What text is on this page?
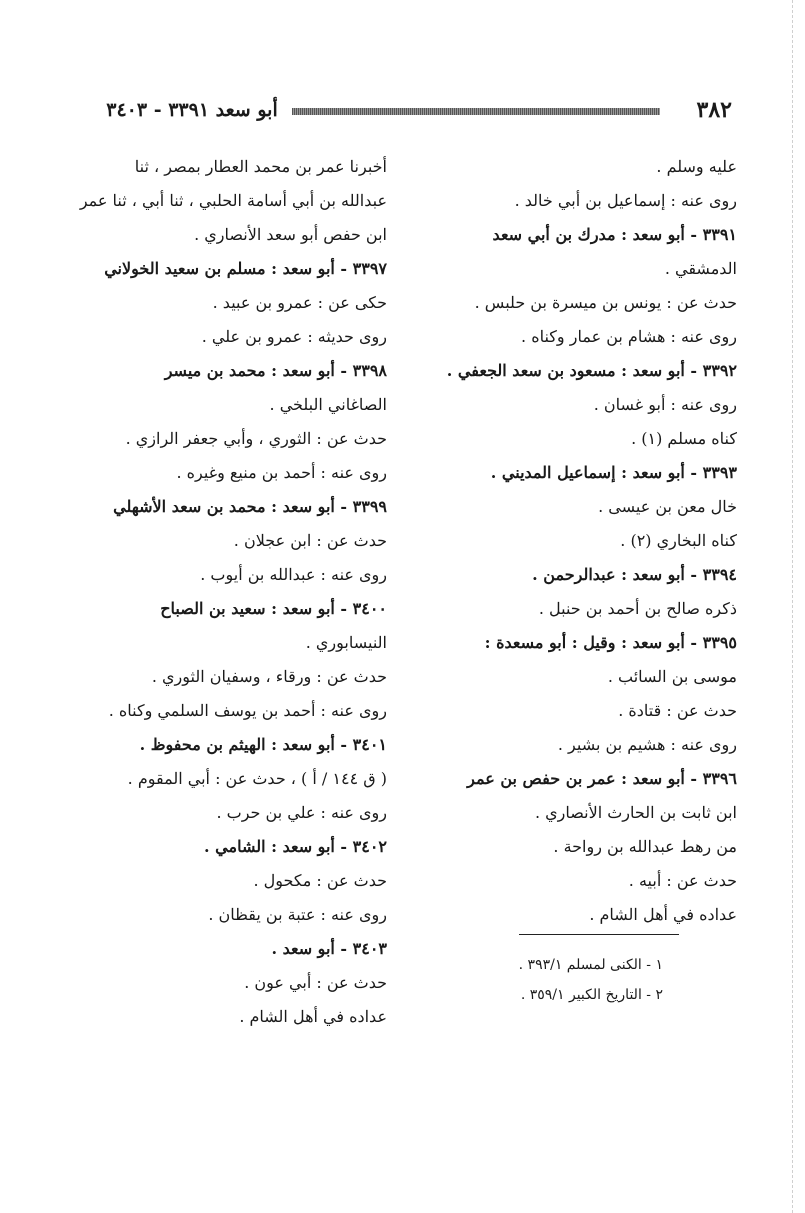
٣٨٢
أبو سعد ٣٣٩١ - ٣٤٠٣
عليه وسلم .
روى عنه : إسماعيل بن أبي خالد .
٣٣٩١ - أبو سعد : مدرك بن أبي سعد
الدمشقي .
حدث عن : يونس بن ميسرة بن حلبس .
روى عنه : هشام بن عمار وكناه .
٣٣٩٢ - أبو سعد : مسعود بن سعد الجعفي .
روى عنه : أبو غسان .
كناه مسلم (١) .
٣٣٩٣ - أبو سعد : إسماعيل المديني .
خال معن بن عيسى .
كناه البخاري (٢) .
٣٣٩٤ - أبو سعد : عبدالرحمن .
ذكره صالح بن أحمد بن حنبل .
٣٣٩٥ - أبو سعد : وقيل : أبو مسعدة :
موسى بن السائب .
حدث عن : قتادة .
روى عنه : هشيم بن بشير .
٣٣٩٦ - أبو سعد : عمر بن حفص بن عمر
ابن ثابت بن الحارث الأنصاري .
من رهط عبدالله بن رواحة .
حدث عن : أبيه .
عداده في أهل الشام .
أخبرنا عمر بن محمد العطار بمصر ، ثنا
عبدالله بن أبي أسامة الحلبي ، ثنا أبي ، ثنا عمر
ابن حفص أبو سعد الأنصاري .
٣٣٩٧ - أبو سعد : مسلم بن سعيد الخولاني
حكى عن : عمرو بن عبيد .
روى حديثه : عمرو بن علي .
٣٣٩٨ - أبو سعد : محمد بن ميسر
الصاغاني البلخي .
حدث عن : الثوري ، وأبي جعفر الرازي .
روى عنه : أحمد بن منيع وغيره .
٣٣٩٩ - أبو سعد : محمد بن سعد الأشهلي
حدث عن : ابن عجلان .
روى عنه : عبدالله بن أيوب .
٣٤٠٠ - أبو سعد : سعيد بن الصباح
النيسابوري .
حدث عن : ورقاء ، وسفيان الثوري .
روى عنه : أحمد بن يوسف السلمي وكناه .
٣٤٠١ - أبو سعد : الهيثم بن محفوظ .
( ق ١٤٤ / أ ) ، حدث عن : أبي المقوم .
روى عنه : علي بن حرب .
٣٤٠٢ - أبو سعد : الشامي .
حدث عن : مكحول .
روى عنه : عتبة بن يقظان .
٣٤٠٣ - أبو سعد .
حدث عن : أبي عون .
عداده في أهل الشام .
١ - الكنى لمسلم ٣٩٣/١ .
٢ - التاريخ الكبير ٣٥٩/١ .
